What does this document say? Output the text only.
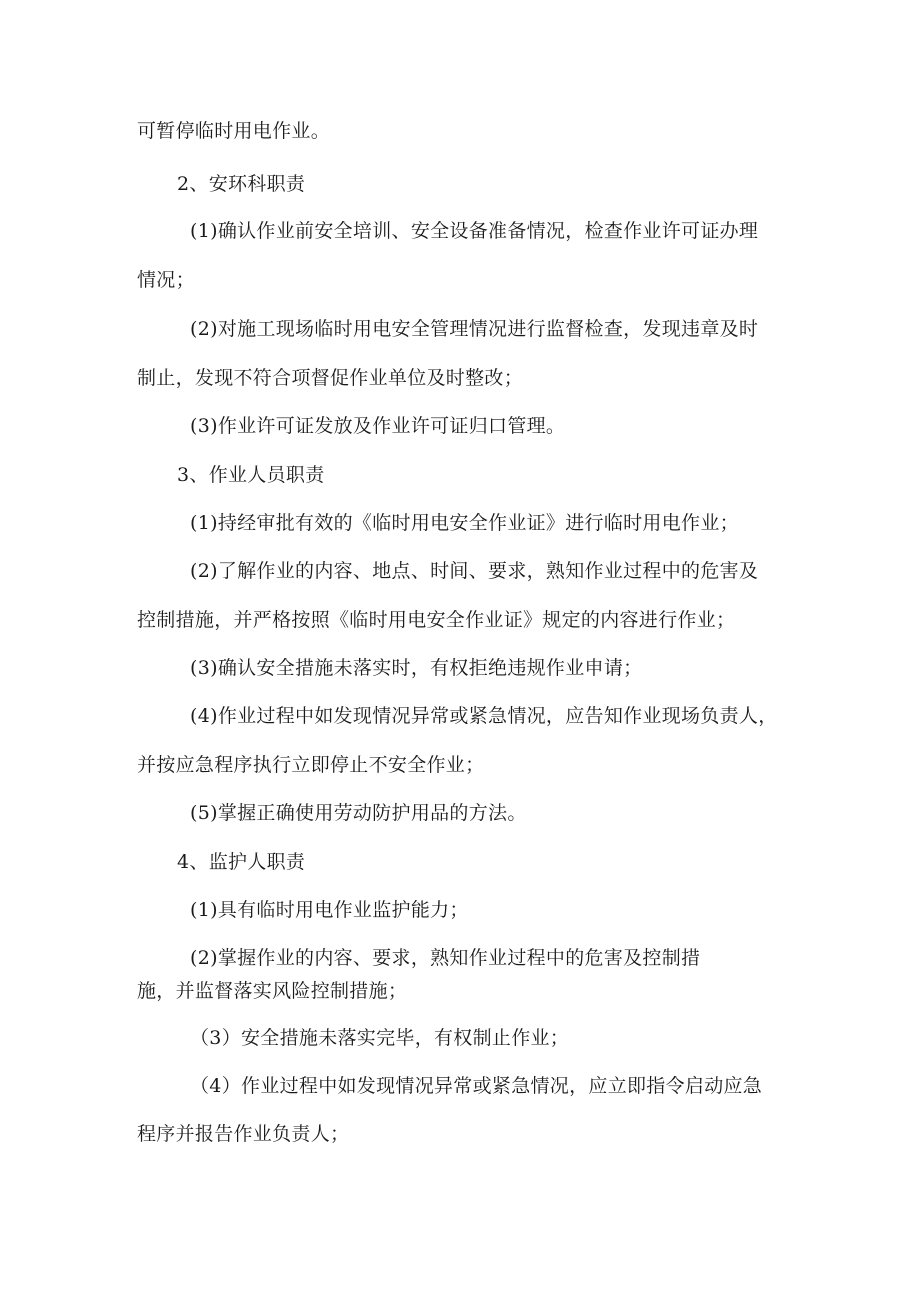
可暂停临时用电作业。
2、安环科职责
(1)确认作业前安全培训、安全设备准备情况，检查作业许可证办理
情况；
(2)对施工现场临时用电安全管理情况进行监督检查，发现违章及时
制止，发现不符合项督促作业单位及时整改；
(3)作业许可证发放及作业许可证归口管理。
3、作业人员职责
(1)持经审批有效的《临时用电安全作业证》进行临时用电作业；
(2)了解作业的内容、地点、时间、要求，熟知作业过程中的危害及
控制措施，并严格按照《临时用电安全作业证》规定的内容进行作业；
(3)确认安全措施未落实时，有权拒绝违规作业申请；
(4)作业过程中如发现情况异常或紧急情况，应告知作业现场负责人，
并按应急程序执行立即停止不安全作业；
(5)掌握正确使用劳动防护用品的方法。
4、监护人职责
(1)具有临时用电作业监护能力；
(2)掌握作业的内容、要求，熟知作业过程中的危害及控制措
施，并监督落实风险控制措施；
（3）安全措施未落实完毕，有权制止作业；
（4）作业过程中如发现情况异常或紧急情况，应立即指令启动应急
程序并报告作业负责人；
